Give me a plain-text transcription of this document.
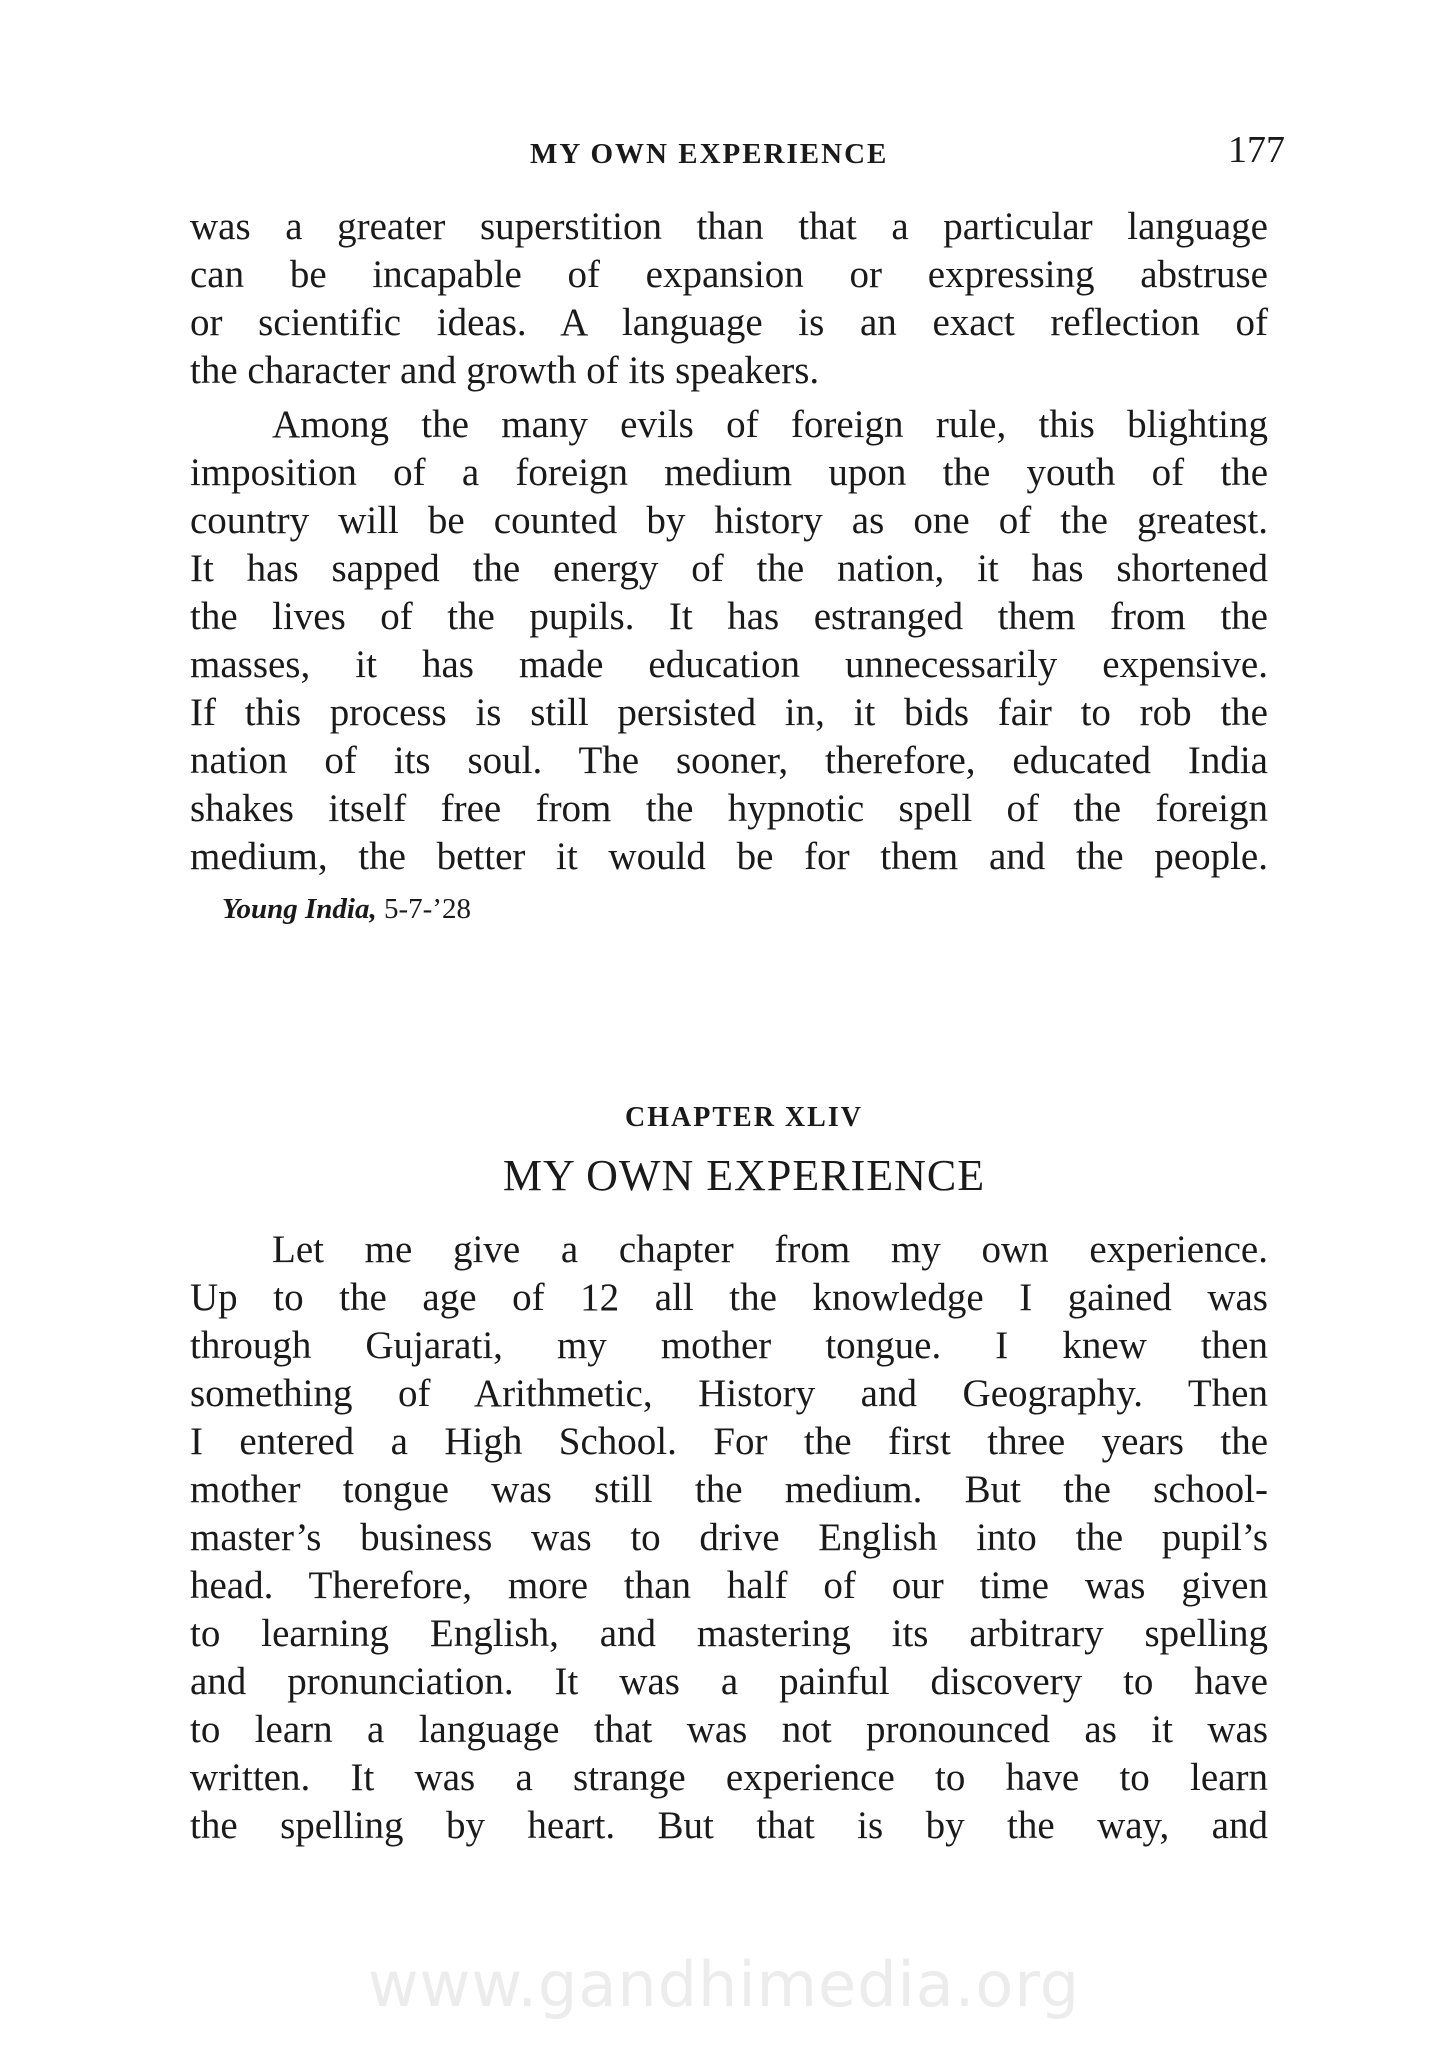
MY OWN EXPERIENCE	177
was a greater superstition than that a particular language
can be incapable of expansion or expressing abstruse
or scientific ideas. A language is an exact reflection of
the character and growth of its speakers.
Among the many evils of foreign rule, this blighting
imposition of a foreign medium upon the youth of the
country will be counted by history as one of the greatest.
It has sapped the energy of the nation, it has shortened
the lives of the pupils. It has estranged them from the
masses, it has made education unnecessarily expensive.
If this process is still persisted in, it bids fair to rob the
nation of its soul. The sooner, therefore, educated India
shakes itself free from the hypnotic spell of the foreign
medium, the better it would be for them and the people.
Young India, 5-7-’28
CHAPTER XLIV
MY OWN EXPERIENCE
Let me give a chapter from my own experience.
Up to the age of 12 all the knowledge I gained was
through Gujarati, my mother tongue. I knew then
something of Arithmetic, History and Geography. Then
I entered a High School. For the first three years the
mother tongue was still the medium. But the school-
master’s business was to drive English into the pupil’s
head. Therefore, more than half of our time was given
to learning English, and mastering its arbitrary spelling
and pronunciation. It was a painful discovery to have
to learn a language that was not pronounced as it was
written. It was a strange experience to have to learn
the spelling by heart. But that is by the way, and
www.gandhimedia.org
